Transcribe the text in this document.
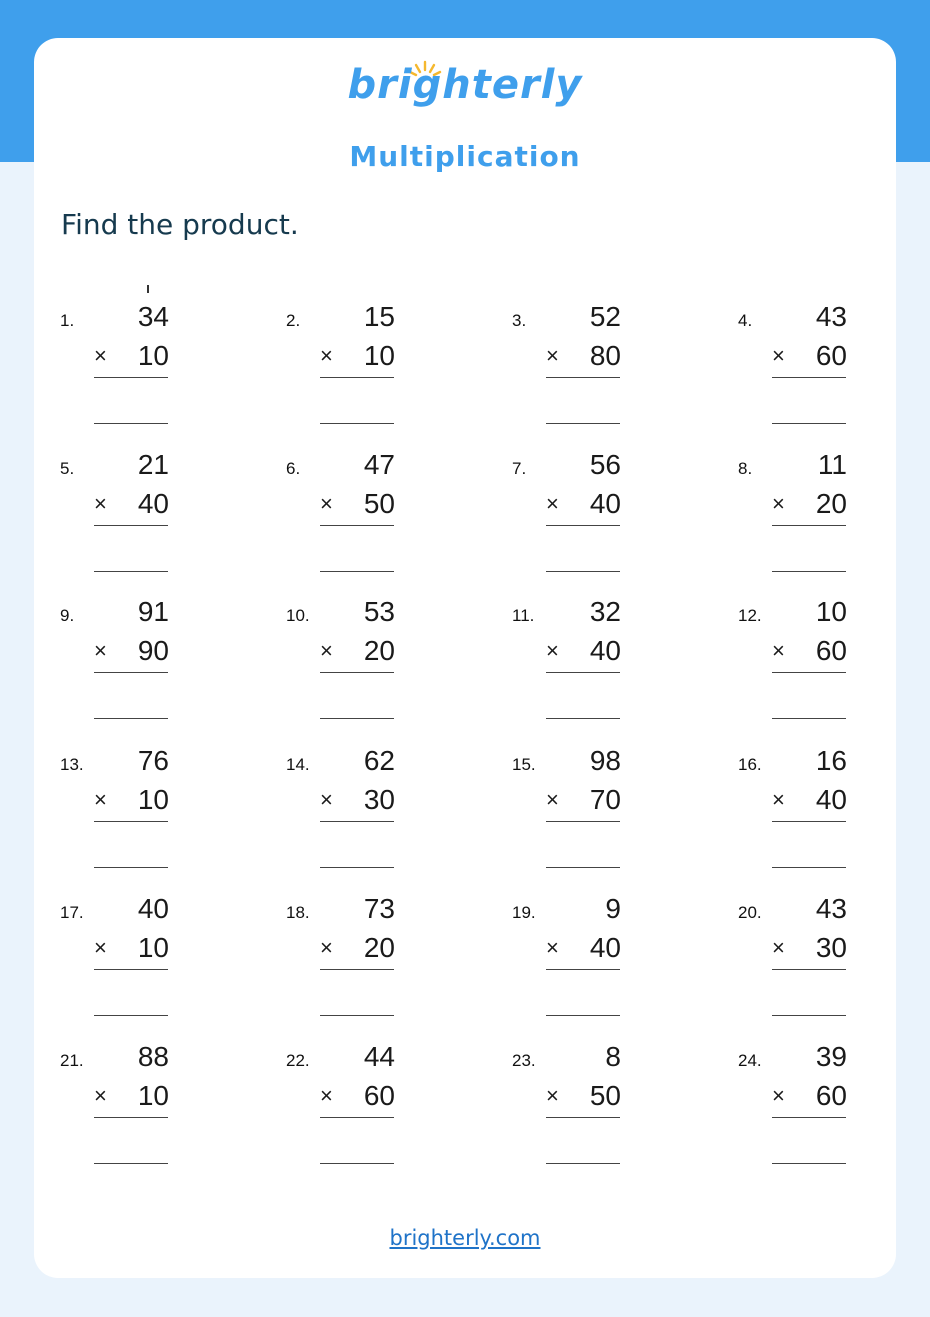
brighterly
Multiplication
Find the product.
1. 34
× 10
2. 15
× 10
3. 52
× 80
4. 43
× 60
5. 21
× 40
6. 47
× 50
7. 56
× 40
8. 11
× 20
9. 91
× 90
10. 53
× 20
11. 32
× 40
12. 10
× 60
13. 76
× 10
14. 62
× 30
15. 98
× 70
16. 16
× 40
17. 40
× 10
18. 73
× 20
19. 9
× 40
20. 43
× 30
21. 88
× 10
22. 44
× 60
23. 8
× 50
24. 39
× 60
brighterly.com
